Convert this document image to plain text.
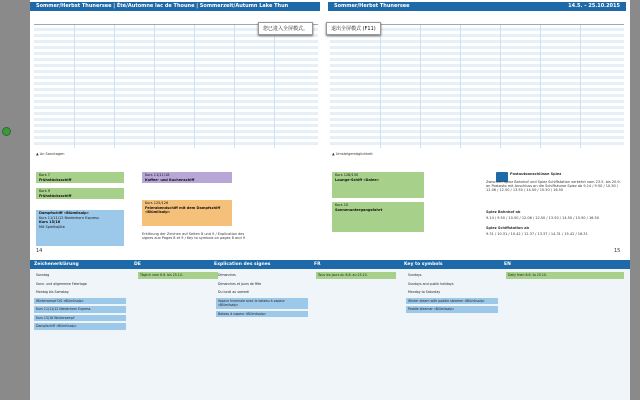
Sommer/Herbst Thunersee | Été/Automne lac de Thoune | Sommerzeit/Autumn Lake Thun
▲ An Sonntagen
Kurs 7
Frühstücksschiff
Kurs 9
Frühstücksschiff
Kurs 11/11/18
Kaffee- und Kuchenschiff
Kurs 125/126
Feierabendschiff mit dem Dampfschiff «Blümlisalp»
Dampfschiff «Blümlisalp»
Kurs 11/11/12 Niederhorn Express
Kurs 15/16
Mit Spielkajüte
Erklärung der Zeichen auf Seiten 8 und 9 / Explication des signes aux Pages 8 et 9 / Key to symbols on pages 8 and 9
14
Sommer/Herbst Thunersee	14.5. – 25.10.2015
▲ Umsteigemöglichkeit
Kurs 126/130
Lounge-Schiff «Dalee»
Kurs 10
Sonnenuntergangsfahrt
Postautoanschlüsse Spiez
Zwischen Spiez Bahnhof und Spiez Schiffstation verkehrt vom 23.5. bis 20.9. an Postauto mit Anschluss an die Schiffskurse Spiez ab 9.14 / 9.50 / 10.50 / 12.06 / 12.50 / 13.50 / 14.50 / 15.50 / 16.50
Spiez Bahnhof ab
9.14 / 9.50 / 10.50 / 12.06 / 12.50 / 13.50 / 14.50 / 15.50 / 16.50
Spiez Schiffstation ab
9.31 / 10.31 / 10.42 / 12.37 / 13.37 / 14.31 / 15.42 / 16.31
15
您已进入全屏模式。	退出全屏模式 (F11)
Zeichenerklärung	DE	Explication des signes	FR	Key to symbols	EN
Sonntag
Sonn- und allgemeine Feiertage
Montag bis Samstag
Wintersampf DG «Blümlisalp»
Kurs 11/11/12 Niederhorn Express
Kurs 15/16 Wintersampf
Dampfschiff «Blümlisalp»
Täglich vom 6.6. bis 25.10.	Dimanches
Dimanches et jours de fête
Du lundi au samedi
Vapeur hivernale avec le bateau à vapeur «Blümlisalp»
Bateau à vapeur «Blümlisalp»
Tous les jours du 6.6. au 25.10.	Sundays
Sundays and public holidays
Monday to Saturday
Winter steam with paddle steamer «Blümlisalp»
Paddle steamer «Blümlisalp»
Daily from 6.6. to 25.10.
